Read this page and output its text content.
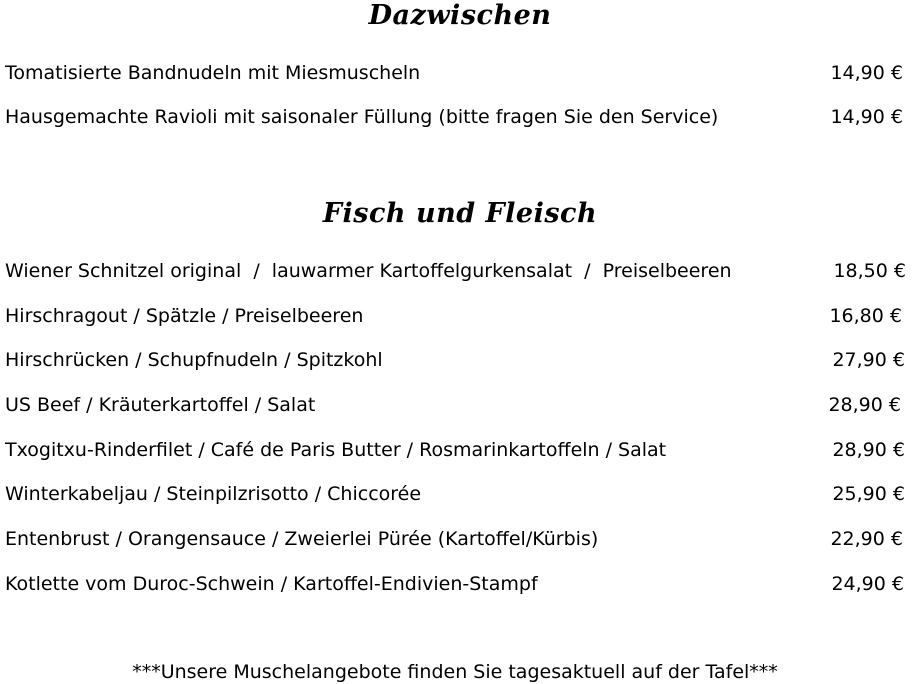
Dazwischen
Tomatisierte Bandnudeln mit Miesmuscheln	14,90 €
Hausgemachte Ravioli mit saisonaler Füllung (bitte fragen Sie den Service)	14,90 €
Fisch und Fleisch
Wiener Schnitzel original  /  lauwarmer Kartoffelgurkensalat  /  Preiselbeeren	18,50 €
Hirschragout / Spätzle / Preiselbeeren	16,80 €
Hirschrücken / Schupfnudeln / Spitzkohl	27,90 €
US Beef / Kräuterkartoffel / Salat	28,90 €
Txogitxu-Rinderfilet / Café de Paris Butter / Rosmarinkartoffeln / Salat	28,90 €
Winterkabeljau / Steinpilzrisotto / Chiccorée	25,90 €
Entenbrust / Orangensauce / Zweierlei Pürée (Kartoffel/Kürbis)	22,90 €
Kotlette vom Duroc-Schwein / Kartoffel-Endivien-Stampf	24,90 €
***Unsere Muschelangebote finden Sie tagesaktuell auf der Tafel***
